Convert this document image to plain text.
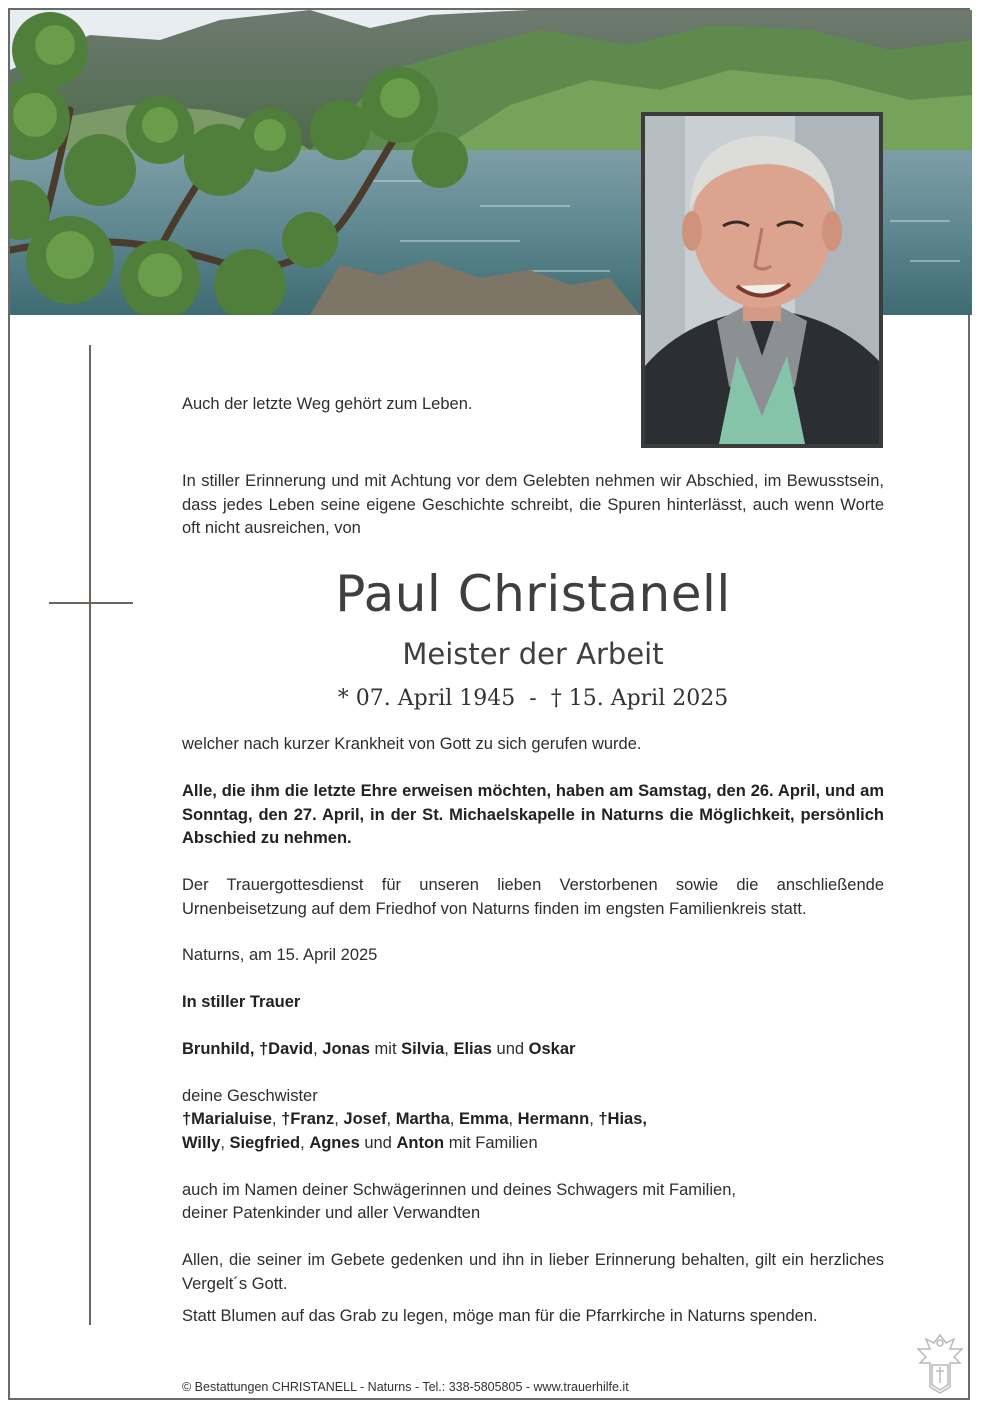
Auch der letzte Weg gehört zum Leben.
In stiller Erinnerung und mit Achtung vor dem Gelebten nehmen wir Abschied, im Bewusstsein, dass jedes Leben seine eigene Geschichte schreibt, die Spuren hinterlässt, auch wenn Worte oft nicht ausreichen, von
Paul Christanell
Meister der Arbeit
* 07. April 1945 - † 15. April 2025
welcher nach kurzer Krankheit von Gott zu sich gerufen wurde.
Alle, die ihm die letzte Ehre erweisen möchten, haben am Samstag, den 26. April, und am Sonntag, den 27. April, in der St. Michaelskapelle in Naturns die Möglichkeit, persönlich Abschied zu nehmen.
Der Trauergottesdienst für unseren lieben Verstorbenen sowie die anschließende Urnenbeisetzung auf dem Friedhof von Naturns finden im engsten Familienkreis statt.
Naturns, am 15. April 2025
In stiller Trauer
Brunhild, †David, Jonas mit Silvia, Elias und Oskar
deine Geschwister
†Marialuise, †Franz, Josef, Martha, Emma, Hermann, †Hias,
Willy, Siegfried, Agnes und Anton mit Familien
auch im Namen deiner Schwägerinnen und deines Schwagers mit Familien,
deiner Patenkinder und aller Verwandten
Allen, die seiner im Gebete gedenken und ihn in lieber Erinnerung behalten, gilt ein herzliches Vergelt´s Gott.
Statt Blumen auf das Grab zu legen, möge man für die Pfarrkirche in Naturns spenden.
© Bestattungen CHRISTANELL - Naturns - Tel.: 338-5805805 - www.trauerhilfe.it
